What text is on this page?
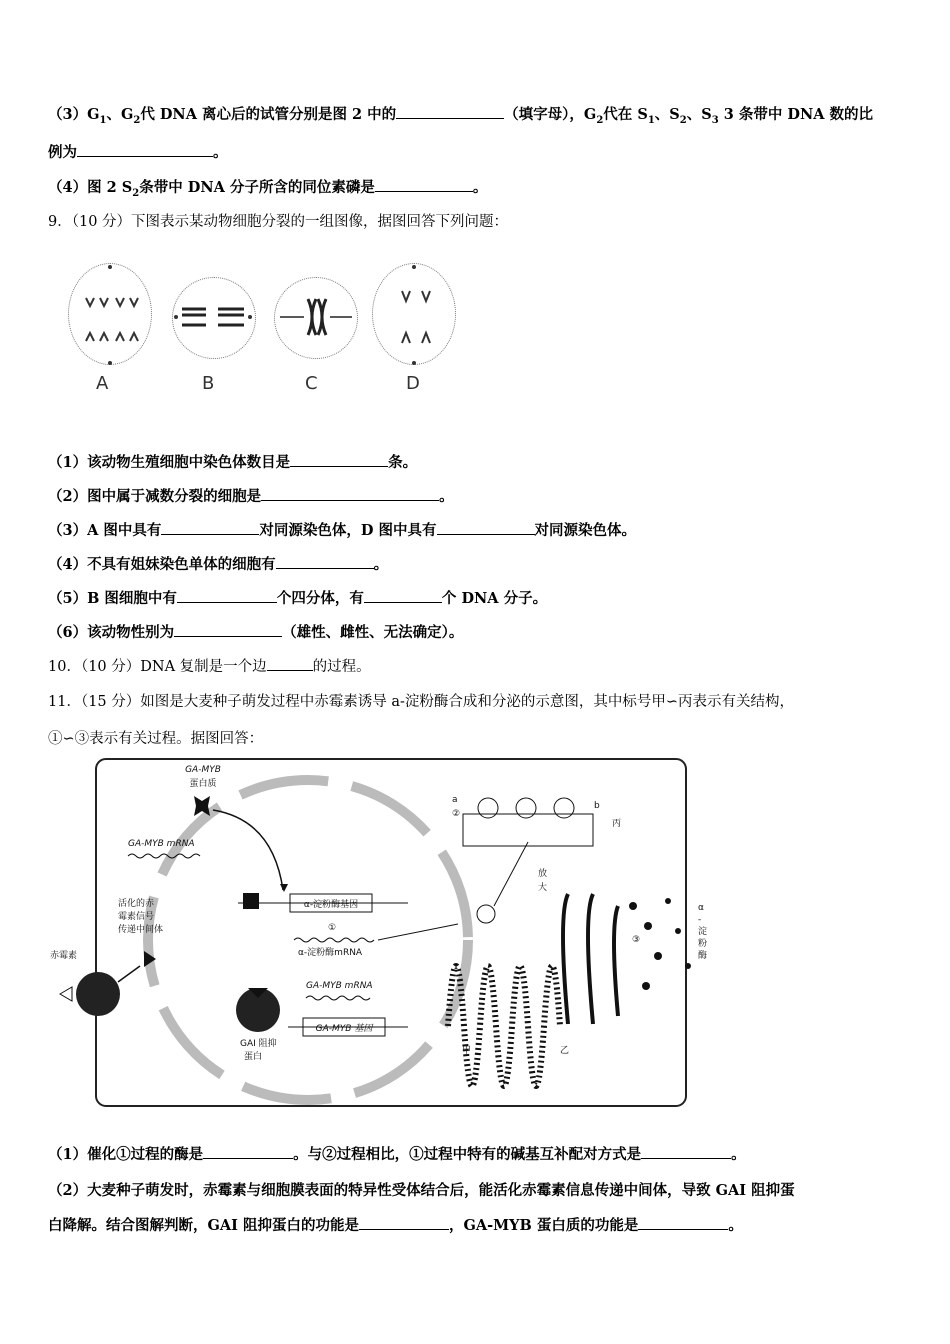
$(3)G_1$、$G_2$代 DNA 离心后的试管分别是图 2 中的	（填字母），$G_2$代在 $S_1$、$S_2$、$S_3$ 3 条带中 DNA 数的比
例为	。
（4）图 2 $S_2$条带中 DNA 分子所含的同位素磷是	。
9．（10 分）下图表示某动物细胞分裂的一组图像，据图回答下列问题：
A	B	C	D
（1）该动物生殖细胞中染色体数目是	条。
（2）图中属于减数分裂的细胞是	。
（3）A 图中具有	对同源染色体，D 图中具有	对同源染色体。
（4）不具有姐妹染色单体的细胞有	。
（5）B 图细胞中有	个四分体，有	个 DNA 分子。
（6）该动物性别为	（雄性、雌性、无法确定）。
10．（10 分）DNA 复制是一个边	的过程。
11．（15 分）如图是大麦种子萌发过程中赤霉素诱导 a-淀粉酶合成和分泌的示意图，其中标号甲∽丙表示有关结构，
①∽③表示有关过程。据图回答：
GA-MYB
蛋白质
GA-MYB mRNA
活化的赤
霉素信号
传递中间体
赤霉素
α-淀粉酶基因
①
α-淀粉酶mRNA
GA-MYB mRNA
GA-MYB 基因
GAI 阻抑
蛋白
放
大
a
②
b
丙
③
α
-
淀
粉
酶
甲	乙
（1）催化①过程的酶是	。与②过程相比，①过程中特有的碱基互补配对方式是	。
（2）大麦种子萌发时，赤霉素与细胞膜表面的特异性受体结合后，能活化赤霉素信息传递中间体，导致 GAI 阻抑蛋
白降解。结合图解判断，GAI 阻抑蛋白的功能是	，GA-MYB 蛋白质的功能是	。
